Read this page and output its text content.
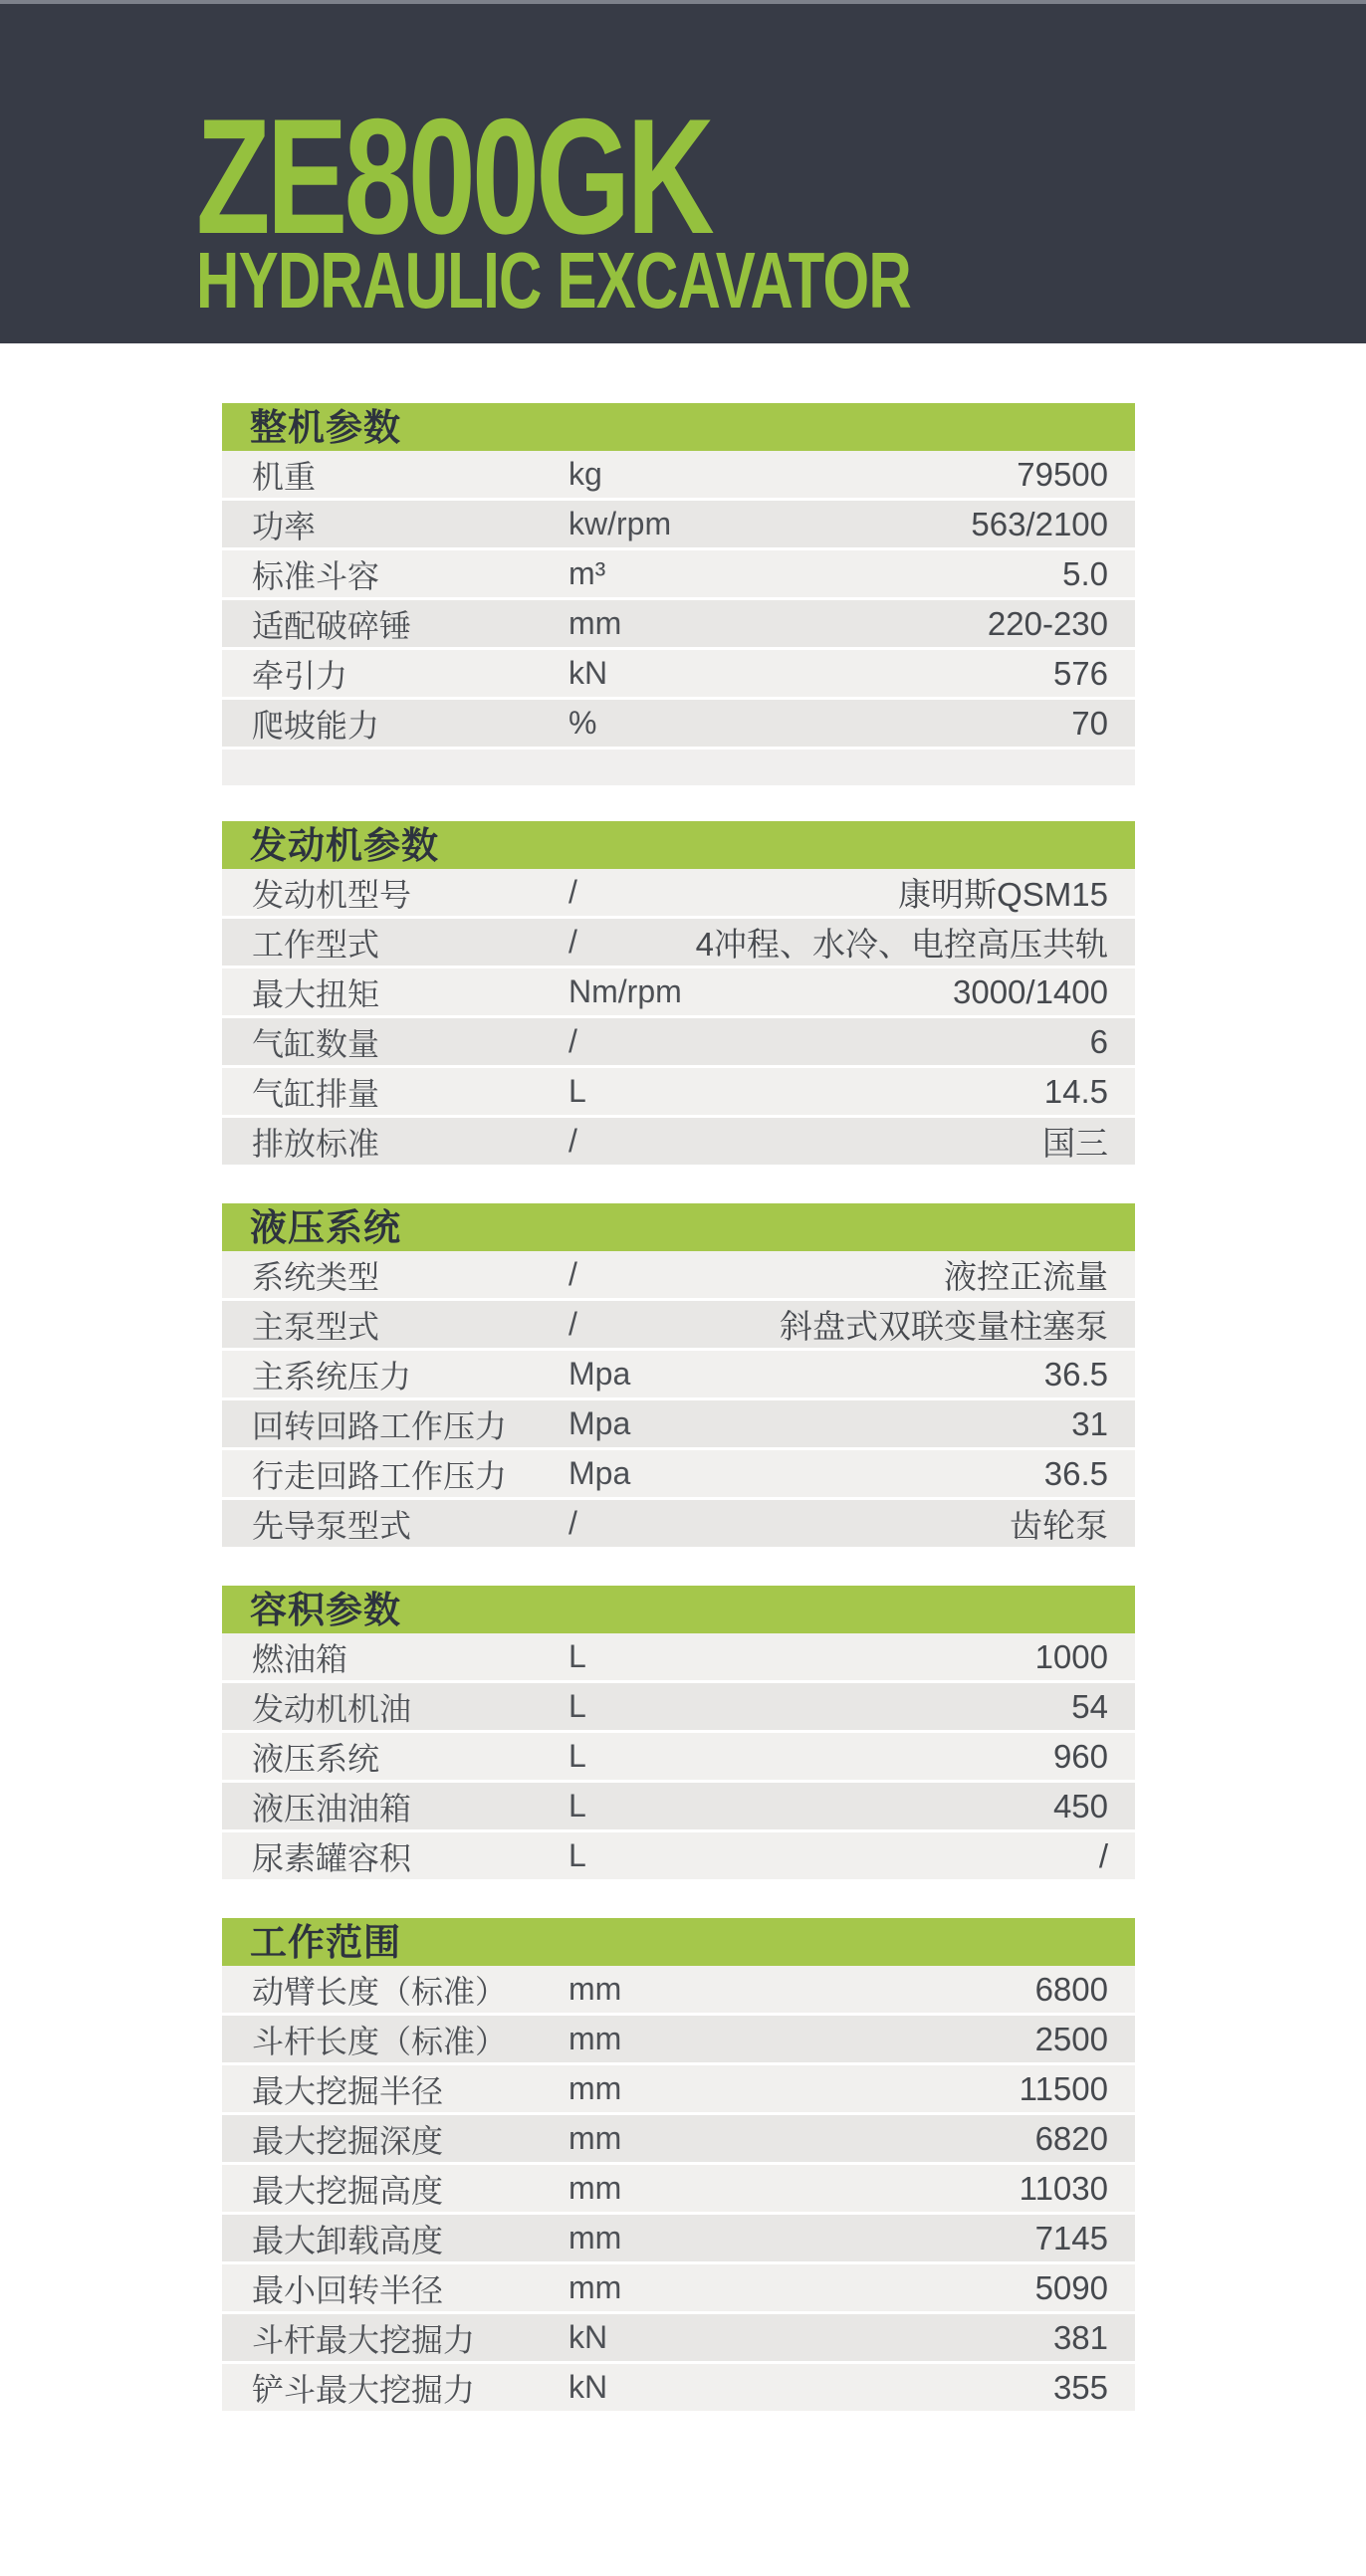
ZE800GK
HYDRAULIC EXCAVATOR
整机参数
机重	kg	79500
功率	kw/rpm	563/2100
标准斗容	m³	5.0
适配破碎锤	mm	220-230
牵引力	kN	576
爬坡能力	%	70
发动机参数
发动机型号	/	康明斯QSM15
工作型式	/	4冲程、水冷、电控高压共轨
最大扭矩	Nm/rpm	3000/1400
气缸数量	/	6
气缸排量	L	14.5
排放标准	/	国三
液压系统
系统类型	/	液控正流量
主泵型式	/	斜盘式双联变量柱塞泵
主系统压力	Mpa	36.5
回转回路工作压力	Mpa	31
行走回路工作压力	Mpa	36.5
先导泵型式	/	齿轮泵
容积参数
燃油箱	L	1000
发动机机油	L	54
液压系统	L	960
液压油油箱	L	450
尿素罐容积	L	/
工作范围
动臂长度（标准）	mm	6800
斗杆长度（标准）	mm	2500
最大挖掘半径	mm	11500
最大挖掘深度	mm	6820
最大挖掘高度	mm	11030
最大卸载高度	mm	7145
最小回转半径	mm	5090
斗杆最大挖掘力	kN	381
铲斗最大挖掘力	kN	355
